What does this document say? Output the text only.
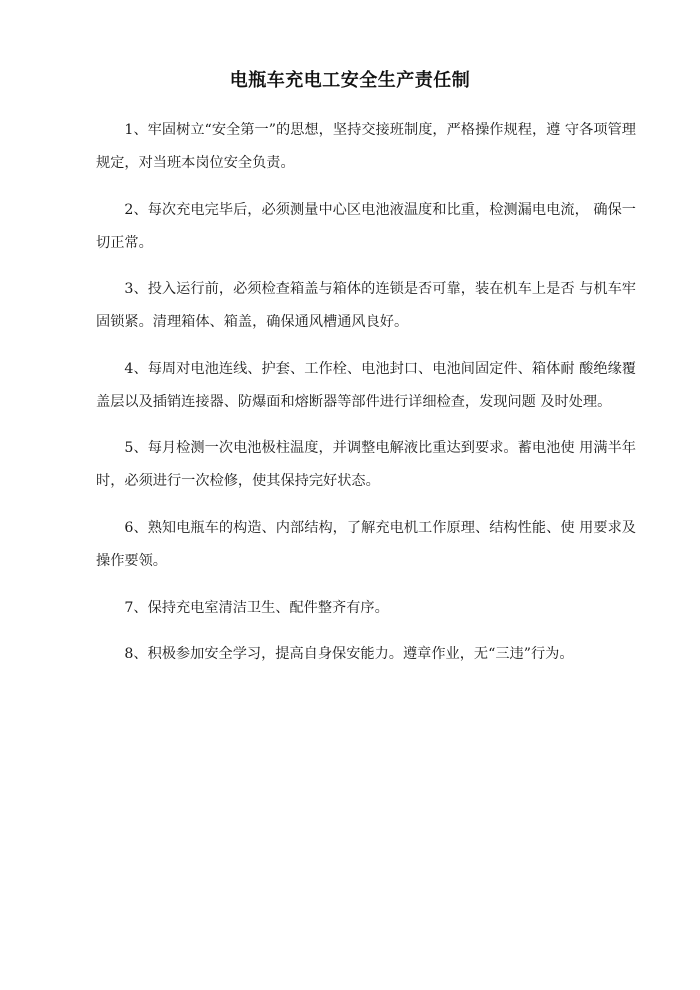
电瓶车充电工安全生产责任制

1、牢固树立“安全第一”的思想，坚持交接班制度，严格操作规程，遵 守各项管理规定，对当班本岗位安全负责。

2、每次充电完毕后，必须测量中心区电池液温度和比重，检测漏电电流， 确保一切正常。

3、投入运行前，必须检查箱盖与箱体的连锁是否可靠，装在机车上是否 与机车牢固锁紧。清理箱体、箱盖，确保通风槽通风良好。

4、每周对电池连线、护套、工作栓、电池封口、电池间固定件、箱体耐 酸绝缘覆盖层以及插销连接器、防爆面和熔断器等部件进行详细检查，发现问题 及时处理。

5、每月检测一次电池极柱温度，并调整电解液比重达到要求。蓄电池使 用满半年时，必须进行一次检修，使其保持完好状态。

6、熟知电瓶车的构造、内部结构，了解充电机工作原理、结构性能、使 用要求及操作要领。

7、保持充电室清洁卫生、配件整齐有序。

8、积极参加安全学习，提高自身保安能力。遵章作业，无“三违”行为。
